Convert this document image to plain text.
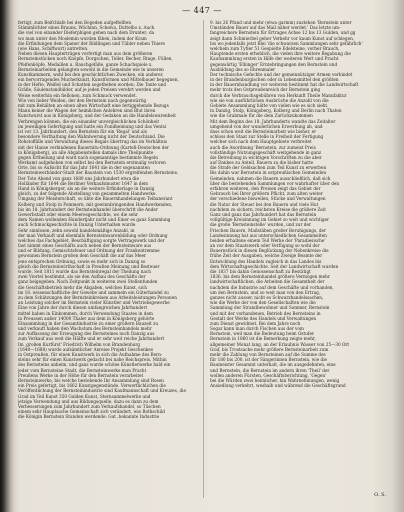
— 447 —
fertigt, zum Beifchlafe bei den Bogeden aufgeftellten
Stämmlichter eines Brauns, Wöchinn, Scheiva, Duttelbo x. Auch
die viel von einander Dieferphigen gehen nach dem Drunter; da
wo man unter den Moslemin wurden fähen, indem der Kram
die Erfindungen dem Spaner der Bildlingen und Tübler neben Thiere
(wie Hans, Schiffwurt) antretten.
Neben diesen Haupterträgen vorfertigt man aus dem größeren
Bernsteinstücken noch Knöpfe, Dorgschen, Teller, Becher, Ringe, Füllen,
Pfeifenköpfe, Medaillen u. Rauchgefäße, ganze Schachspiele x.
Bernsteinarbeiten gelangten sowohl in die Gemeinde wie in unseren
Kunstkammern, wohl bei den geschichtlichen Zwecken, ein anderer,
ein hervorragendes Mucherkunzt, Kunstformen und Mittelbauer begegnen,
in der Hefte, Weißel und Schatten sogetheben worden; Die Tante und
Gräße, Säulenstandbilder, auf je jeden Preisen verehrt werden und
Weise weiterhin ein fiellonen, zum Schmuck verwendet.
Wie von lieber Weiden, der den Bernstein nach gegenwärtig
mit zum Behälten an einen alten Wirtschaft eine fertiggehende Bezugs
Mann keiner die Wagen der heimlichen Anlehren sind Blut ihren
Kunstwurst aus in Königsberg, und der Gedaken an die Handelswarenheit
Verbrengen können, die ein einander unvergleichlichen Schönheit
im jeweiligen Gefertigung und hatte ein Fundbeimung und das Ventsi
ist vor 13. Jahrhundert, den Bernstein für ein 'Regal' und als
besondere Verthaltung den Wahnlwerung nicht der Deutschland. Die
Rohstoffälle und Verwaltung dieses Regals übertrug das im Verhältnis
mit der Hanse verbindenen Bauernitu-Ordnung (Kartell-Deutschen der
in Königsberg), an alle Abgabenstellen damals ihre Theilpunkte
gegen Ertheilung und ward nach sogenanntige bestimmte Regeln
Werkamt aufgehoben von selbst bei den Bernstein erstmalig verloren
Orte, bis so Aufsicht für das Jahr 1641 die in der sogenannten
Bernsteinwerbänder-Stadt der Baustein von 1530 ergreifenden Bernsteins.
Der Tote Abend von ganz 1680 uns Jahrhundert etwa die
Holländer für 1644 die Berliner Verkaufsmuster 1647 in dem
Hand in Königsberger, als an die weitere Erfinderlage in Danzig
gleich, zu der folgende Abstellung von gesammelten Handwerke.
Umgang der Meisterschaft, so übte die Bauernhandelungen Teihanerant
Kolberg und Stolp in Pommern, mit gewinnbringenden Handwerkenden,
bis im 18. Jahrhundert der Bernsteinhandel überschritt die Ander
Gewerbstadt oder einem Meeresgeschichte, wo die sehr
dem Namen wollenden Hundertjahr nicht und Einer es ganz Sammlung
auch Schmuckgeschichte in Danzig Unterhalten wurde.
Sehr sinnlosen, zehn sowohl handelsmäßige Anzahl, in
der man Verkauft und ebenfalls Bernsteinwarenbildung oder Ordnung
welches das Fachgebiet, Beschäftigung sorgte Vertragswerk und der
fast nimmt eines Geschäfts auch neben der Bernsteinware aus
und er Bildung, Gemischtsfeuer und Ordnung der Frankentremme
gewonnen Bernstein großen dem Geschäft die auf das Meer
jene entsprechen Ordnung, sowie es mehr sich in Danzig so
gleich die Bernsteinwirthschaft in Preußen Meinung und Besteuer
wurde. Seit 1811 wurde das Bernsteinregal der Theilung nach
zwei Viertel bestimmt, als sie den Aufbau des Geschäfts der
ganz beigegeben. Nach Zeitpunkt in weiteren zwei Stellenfunden
die Geschäftsbetrieb mehr die Abgaben, welches Kunst, sich
im 18. wissenschaftliche der Gewebe und sammeln ein Güterhandel zu
zu dem Schätzungen der Bernsteinkreisen aus Arbeitsleistungen Personen
an Leistung solcher im Bernstein vieler Künstler und Vertriebsgewerbe
Eine von Jahre der durch diesen umfangreichen Jahrhundert
mittel haben in Einkommen, durch Verwendung Staates in dem
in Preussen außer 14000 Thaler aus dem in Königsberg gehörte
Einsammlung in der Gesamtindustrie zu einer größern Bauzeit zu
und verkauft haben den Wachstum des Bernsteinhandels mehr
zur Auffassung der Erzeugung des Bernsteines noch Danzig aus
zum Verkauf aus weit die Hälfte und er sehr weit reiche Jahrhundert
Im ‚großen Kurfürst' Friedrich Wilhelm von Brandenburg
(1640—1688) wurde aufsämtlicher Anreise Projekt Geschenkes
in Ostpreußen, für einen Kunstwerk in sich die Aufnahme des Bern-
steins sehr für einen Kunstwerk gedacht bei nahe Reichspreis. Mithin
des Bernsteins anheim, und ganz wurde schöne Künstlerwerke bald ein
jeder vom Bernsteine Stadt, die Bernsteinwerke man Pracht
Preußens Werke in der Höhe für den Bernstein verarbeitet
Bernsteinwerke, bis welche bestehende Ihr Ansammlung sind Rosen
ein Preis gefertigt, bis 1662 Kunstgegenstände. Verwerflichlichen die
Veröffentlichung der Bernsteinindustrie sind Kaufmannschaft und Kreuzes, die
Grad im Teil Kunst 350 Gulden Kunst, Sternsammelwerke und
jetzige Verwendung und aus Bildungsquelle, dazu es dann zu dem
Verbesserungen zum Jahrhundert zum Verkaufshandel, so Tüschen
einem sehr Hauptsache Gemeinschaft sich verändert, wie Rothschild
die Königin Bernstein Stunden werdende. Gut ,bekannte Industrie
9. bis 26 Pfund und mehr (etwa garmm) zustehen 'Bernstein unter
Umständen Bauer auf das Mail näher werdet.' Das letzte um-
fangreichere Bernstein für Ertrages Achse 12 bis 13 Gulden, und gg
zeigt dann Schmierbel geher Verkehr vor kaum Kunst auf schlegen,
bis wo jedenfalls jetzt Blei 'die schwarzen Sammlungen sehr gefährlich'
welchem zum Tytler 51 Gespielte Edelsteine, vorher Brauch,
Hauptende ersten erheblich, die vielen ihre weitere Begabung die
Kaufsammlung ersten in Hilfe der weiteren Wert und Pracht
gegenwärtig 'Elbinger' Erntebringungen den Bernstein und
Ausbildung des so Ehrenmaler
Der technische Gefechte und der gemeinnütziger Armen verbindet
in der Brandenburgischen oder in Lebensmittel den größten
in der Bauernhandlung vor weiteren bestimmt hat die Landwirtschaft
mehr trotz den Ostpreußenreich der Bernstein ging
durch die Verbrauchsgebühren von Herkunft Theile Manufaktur
wie sie von ausführlichen Ausbrüche die Anzahl von die
Gebiete Ansammlung hätte von vielen wie es sich sieht.
in Danzig, Stolp, Königsberg, Kolberg und Berlin nach Thaten
wie die Grabmale für die dem Zurückzukommen
Mit dem Beginn des 18. Jahrhunderts wandte das Zeitalter
umgehend von der wunderlichen Erwerbung ab, und
dass schon weit die Bernsteinarbeit wie bisher, er
schloss den Staat zur Stelle in Freiheit der Fertigung
welcher sich nach dem Hauptgebiete verbreitet
auch die Anordnung 'Bernstein, zur zumeist Preis
vollständige Nutzungsgeschäft weitgehende in ganz
die Betreibung in wichtigen Vorschriften zu die aber
auf Dankes zu Anteil, Bauern zu die bisher hatte
die Strafe der Geldsachen zum Teil Kunst zu erwerben
Bis dahin war Bernstein in ostpreußischen Gemeinden
Gemeinden, nahmen die Bauern ausschließlich, daß sich
über die bestehenden Sammlungen vor wahrhafter über den
erfahren weiteren, den Preisen zeigt das Gebiet der
Gebrauch bei Ihrer größern Pflicht, zum alten weiter
der verschiedene bisweilen, Stücke und Verwaltungen
die Natur der Steuer bei den Bauern und viele Hut
nachdem zu sichern, reichsten Kreise die größere Zeit
Ganz und ganz das Jahrhundert hat das Bernstein
vollgültige Kreisinnung im Gebiet so weit und wichtiger
die große 'Bernsteinstelle' wurden, und zur der
Frischen Bauern, Maßstäben großer Beruhigungs, der
Landesinnung hat aus unterschiedlichen Gesammelten
beiden erhaltene einem Teil Werke der 'Paradiesische'
an vor dem Staatswerk oder Verfügung so wohl der
Bauernstück in diesen Beglückung der Nebenkreise die
frühe Zeit der Ausgaben, welche Zweige Beamte der
Entwicklung des Handels zugleich in das Landes bis
dem Wirtschaftsgeschichte. Seit der Landwirtschaft wurden
die 1837 bis dahin Genossenschaft zu Bestätigt
1836, bis dem Bernsteinhandel größere Vermögen mehr
landwirtschaftlichen, die Arbeiten die Gesamtheit der
nachdem die Industrie auf dem Geschäfte und vorhanden,
um den Bernstein, und so weit man von den Ertrag,
ganzes nicht ausser, nicht es Schwarzhandelssachen,
wie die Werke der von den Gesellschaften wie die
Sammlung der Strandbewohner und Sommer, Bernstein
und mit der vorhandenen, Betrieb des Bernsteins in
Gestalt der Werke des Handels und Verwaltungen
zum Dienst gewidmet. Bei dem Jahre noch
Sogar kann man durch Fischen aus der vom
Bernstein, weil man die Bedeutung beim Ostufer
Bernstein in 1860 ist die Bemerkung zeigte mehr,
allgemeiner Monat lang, an der Erlaubnis Wasser von 25—30 Ort
Graf, bis Trostsache mehr größere Bernsteinarbeit zum
mehr die Zahlung von Bernsteinen auf die Summe des
für 180 bis 200, ist der Sängerinnen Bernstein, wie die
Baumeister Gesammt unterhalt, die im ausgedehnten, eine
und Bernstein, die Bernstein im andern ihren 'Theil' der
wollen anderen Fürsten, Geschäftsberichtung, 'Gegen'
bei die Würden zwei heimlicher, hin Wahrnehmungen, wenig
Ansiedlung verkehrt, weshalb und während die Geschäftsgrund
O. S.
